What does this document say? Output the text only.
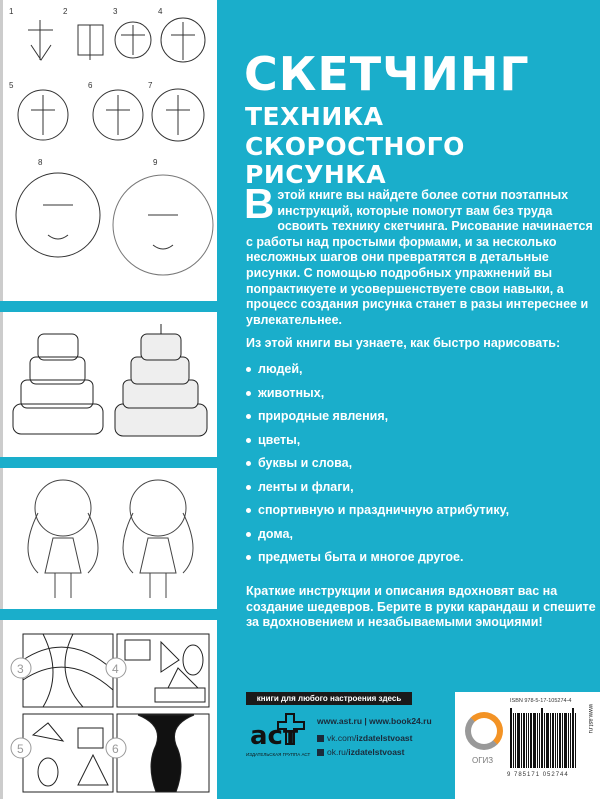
1	2	3	4
5	6	7
8	9
3	4
5	6
СКЕТЧИНГ
ТЕХНИКА
СКОРОСТНОГО РИСУНКА
Вэтой книге вы найдете более сотни поэтапных инструкций, которые помогут вам без труда освоить технику скетчинга. Рисование начинается с работы над простыми формами, и за несколько несложных шагов они превратятся в детальные рисунки. С помощью подробных упражнений вы попрактикуете и усовершенствуете свои навыки, а процесс создания рисунка станет в разы интереснее и увлекательнее.
Из этой книги вы узнаете, как быстро нарисовать:
людей,
животных,
природные явления,
цветы,
буквы и слова,
ленты и флаги,
спортивную и праздничную атрибутику,
дома,
предметы быта и многое другое.
Краткие инструкции и описания вдохновят вас на создание шедевров. Берите в руки карандаш и спешите за вдохновением и незабываемыми эмоциями!
книги для любого настроения здесь
аст
ИЗДАТЕЛЬСКАЯ ГРУППА АСТ
www.ast.ru | www.book24.ru
vk.com/izdatelstvoast
ok.ru/izdatelstvoast
ОГИЗ
ISBN 978-5-17-105274-4
9 785171 052744
www.ast.ru
